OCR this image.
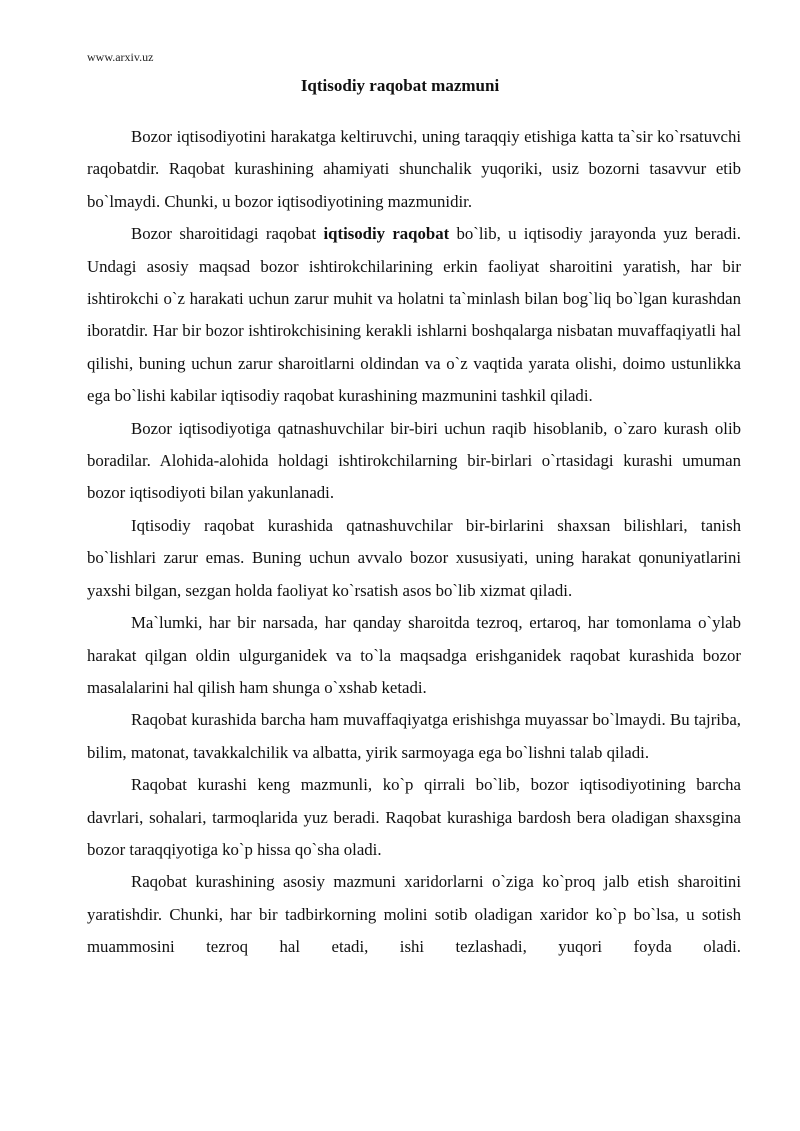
www.arxiv.uz
Iqtisodiy raqobat mazmuni

Bozor iqtisodiyotini harakatga keltiruvchi, uning taraqqiy etishiga katta ta`sir ko`rsatuvchi raqobatdir. Raqobat kurashining ahamiyati shunchalik yuqoriki, usiz bozorni tasavvur etib bo`lmaydi. Chunki, u bozor iqtisodiyotining mazmunidir.

Bozor sharoitidagi raqobat iqtisodiy raqobat bo`lib, u iqtisodiy jarayonda yuz beradi. Undagi asosiy maqsad bozor ishtirokchilarining erkin faoliyat sharoitini yaratish, har bir ishtirokchi o`z harakati uchun zarur muhit va holatni ta`minlash bilan bog`liq bo`lgan kurashdan iboratdir. Har bir bozor ishtirokchisining kerakli ishlarni boshqalarga nisbatan muvaffaqiyatli hal qilishi, buning uchun zarur sharoitlarni oldindan va o`z vaqtida yarata olishi, doimo ustunlikka ega bo`lishi kabilar iqtisodiy raqobat kurashining mazmunini tashkil qiladi.

Bozor iqtisodiyotiga qatnashuvchilar bir-biri uchun raqib hisoblanib, o`zaro kurash olib boradilar. Alohida-alohida holdagi ishtirokchilarning bir-birlari o`rtasidagi kurashi umuman bozor iqtisodiyoti bilan yakunlanadi.

Iqtisodiy raqobat kurashida qatnashuvchilar bir-birlarini shaxsan bilishlari, tanish bo`lishlari zarur emas. Buning uchun avvalo bozor xususiyati, uning harakat qonuniyatlarini yaxshi bilgan, sezgan holda faoliyat ko`rsatish asos bo`lib xizmat qiladi.

Ma`lumki, har bir narsada, har qanday sharoitda tezroq, ertaroq, har tomonlama o`ylab harakat qilgan oldin ulgurganidek va to`la maqsadga erishganidek raqobat kurashida bozor masalalarini hal qilish ham shunga o`xshab ketadi.

Raqobat kurashida barcha ham muvaffaqiyatga erishishga muyassar bo`lmaydi. Bu tajriba, bilim, matonat, tavakkalchilik va albatta, yirik sarmoyaga ega bo`lishni talab qiladi.

Raqobat kurashi keng mazmunli, ko`p qirrali bo`lib, bozor iqtisodiyotining barcha davrlari, sohalari, tarmoqlarida yuz beradi. Raqobat kurashiga bardosh bera oladigan shaxsgina bozor taraqqiyotiga ko`p hissa qo`sha oladi.

Raqobat kurashining asosiy mazmuni xaridorlarni o`ziga ko`proq jalb etish sharoitini yaratishdir. Chunki, har bir tadbirkorning molini sotib oladigan xaridor ko`p bo`lsa, u sotish muammosini tezroq hal etadi, ishi tezlashadi, yuqori foyda oladi.
